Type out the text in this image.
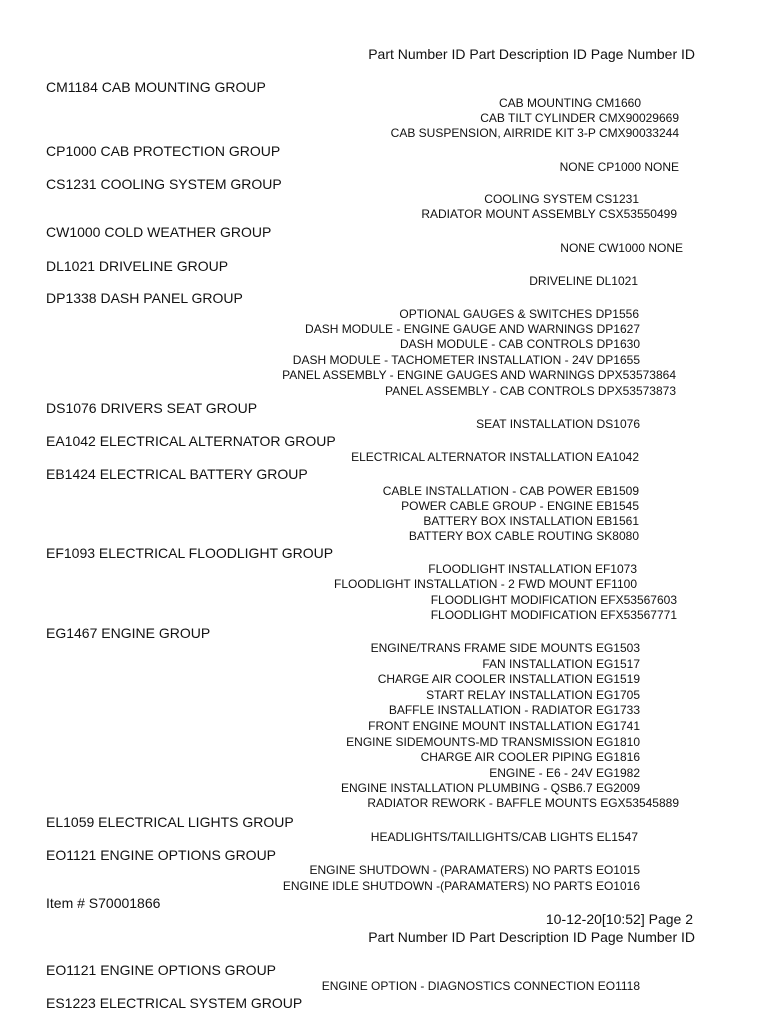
Part Number ID Part Description ID Page Number ID
CM1184 CAB MOUNTING GROUP
CAB MOUNTING CM1660
CAB TILT CYLINDER CMX90029669
CAB SUSPENSION, AIRRIDE KIT 3-P CMX90033244
CP1000 CAB PROTECTION GROUP
NONE CP1000 NONE
CS1231 COOLING SYSTEM GROUP
COOLING SYSTEM CS1231
RADIATOR MOUNT ASSEMBLY CSX53550499
CW1000 COLD WEATHER GROUP
NONE CW1000 NONE
DL1021 DRIVELINE GROUP
DRIVELINE DL1021
DP1338 DASH PANEL GROUP
OPTIONAL GAUGES & SWITCHES DP1556
DASH MODULE - ENGINE GAUGE AND WARNINGS DP1627
DASH MODULE - CAB CONTROLS DP1630
DASH MODULE - TACHOMETER INSTALLATION - 24V DP1655
PANEL ASSEMBLY - ENGINE GAUGES AND WARNINGS DPX53573864
PANEL ASSEMBLY - CAB CONTROLS DPX53573873
DS1076 DRIVERS SEAT GROUP
SEAT INSTALLATION DS1076
EA1042 ELECTRICAL ALTERNATOR GROUP
ELECTRICAL ALTERNATOR INSTALLATION EA1042
EB1424 ELECTRICAL BATTERY GROUP
CABLE INSTALLATION - CAB POWER EB1509
POWER CABLE GROUP - ENGINE EB1545
BATTERY BOX INSTALLATION EB1561
BATTERY BOX CABLE ROUTING SK8080
EF1093 ELECTRICAL FLOODLIGHT GROUP
FLOODLIGHT INSTALLATION EF1073
FLOODLIGHT INSTALLATION - 2 FWD MOUNT EF1100
FLOODLIGHT MODIFICATION EFX53567603
FLOODLIGHT MODIFICATION EFX53567771
EG1467 ENGINE GROUP
ENGINE/TRANS FRAME SIDE MOUNTS EG1503
FAN INSTALLATION EG1517
CHARGE AIR COOLER INSTALLATION EG1519
START RELAY INSTALLATION EG1705
BAFFLE INSTALLATION - RADIATOR EG1733
FRONT ENGINE MOUNT INSTALLATION EG1741
ENGINE SIDEMOUNTS-MD TRANSMISSION EG1810
CHARGE AIR COOLER PIPING EG1816
ENGINE - E6 - 24V EG1982
ENGINE INSTALLATION PLUMBING - QSB6.7 EG2009
RADIATOR REWORK - BAFFLE MOUNTS EGX53545889
EL1059 ELECTRICAL LIGHTS GROUP
HEADLIGHTS/TAILLIGHTS/CAB LIGHTS EL1547
EO1121 ENGINE OPTIONS GROUP
ENGINE SHUTDOWN - (PARAMATERS) NO PARTS EO1015
ENGINE IDLE SHUTDOWN -(PARAMATERS) NO PARTS EO1016
Item # S70001866
10-12-20[10:52] Page 2
Part Number ID Part Description ID Page Number ID
EO1121 ENGINE OPTIONS GROUP
ENGINE OPTION - DIAGNOSTICS CONNECTION EO1118
ES1223 ELECTRICAL SYSTEM GROUP
